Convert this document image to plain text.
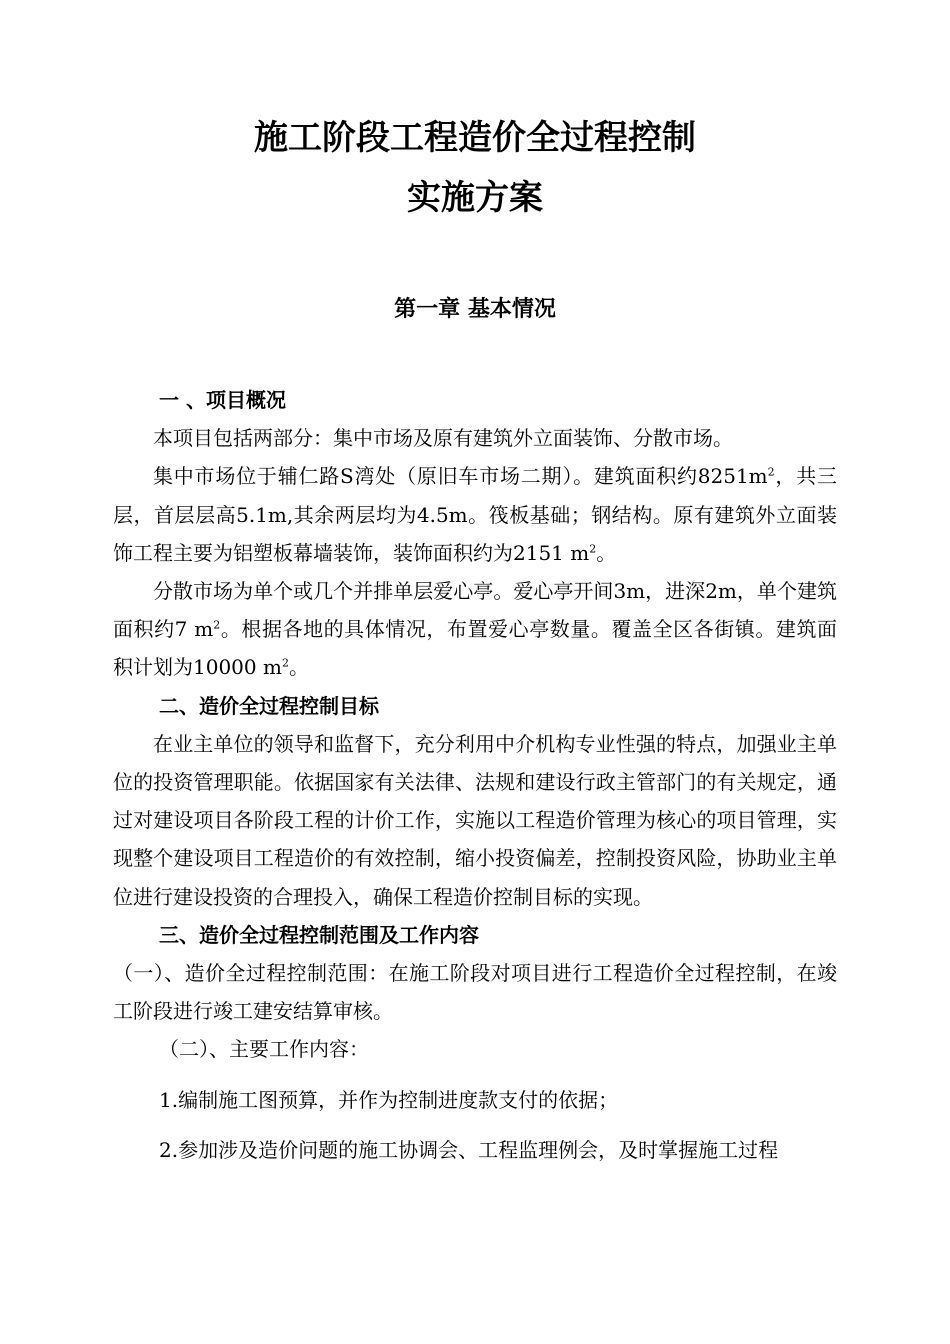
施工阶段工程造价全过程控制
实施方案
第一章 基本情况

一 、项目概况

本项目包括两部分：集中市场及原有建筑外立面装饰、分散市场。

集中市场位于辅仁路S湾处（原旧车市场二期）。建筑面积约$8251m^2$，共三层，首层层高5.1m,其余两层均为4.5m。筏板基础；钢结构。原有建筑外立面装饰工程主要为铝塑板幕墙装饰，装饰面积约为2151 $m^2$。

分散市场为单个或几个并排单层爱心亭。爱心亭开间3m，进深2m，单个建筑面积约7 $m^2$。根据各地的具体情况，布置爱心亭数量。覆盖全区各街镇。建筑面积计划为10000 $m^2$。

二、造价全过程控制目标

在业主单位的领导和监督下，充分利用中介机构专业性强的特点，加强业主单位的投资管理职能。依据国家有关法律、法规和建设行政主管部门的有关规定，通过对建设项目各阶段工程的计价工作，实施以工程造价管理为核心的项目管理，实现整个建设项目工程造价的有效控制，缩小投资偏差，控制投资风险，协助业主单位进行建设投资的合理投入，确保工程造价控制目标的实现。

三、造价全过程控制范围及工作内容

（一）、造价全过程控制范围：在施工阶段对项目进行工程造价全过程控制，在竣工阶段进行竣工建安结算审核。

（二）、主要工作内容：

1.编制施工图预算，并作为控制进度款支付的依据；

2.参加涉及造价问题的施工协调会、工程监理例会，及时掌握施工过程
